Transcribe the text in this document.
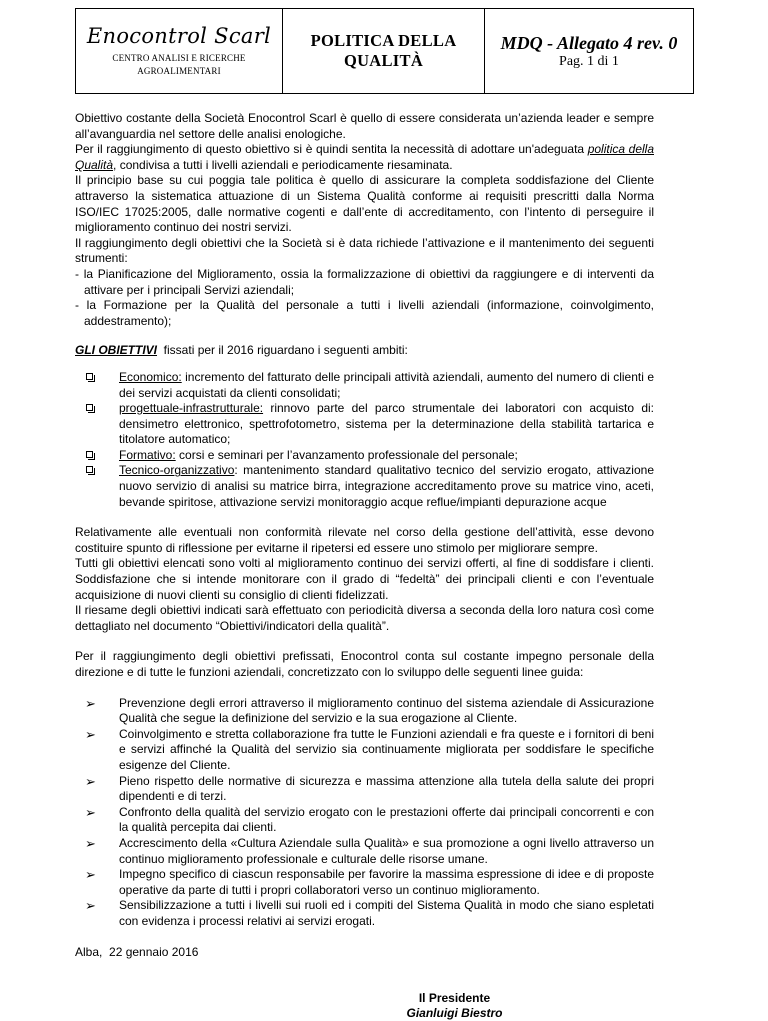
Enocontrol Scarl
CENTRO ANALISI E RICERCHE
AGROALIMENTARI
POLITICA DELLA
QUALITÀ
MDQ - Allegato 4 rev. 0
Pag. 1 di 1

Obiettivo costante della Società Enocontrol Scarl è quello di essere considerata un’azienda leader e sempre all’avanguardia nel settore delle analisi enologiche.

Per il raggiungimento di questo obiettivo si è quindi sentita la necessità di adottare un'adeguata politica della Qualità, condivisa a tutti i livelli aziendali e periodicamente riesaminata.

Il principio base su cui poggia tale politica è quello di assicurare la completa soddisfazione del Cliente attraverso la sistematica attuazione di un Sistema Qualità conforme ai requisiti prescritti dalla Norma ISO/IEC 17025:2005, dalle normative cogenti e dall’ente di accreditamento, con l’intento di perseguire il miglioramento continuo dei nostri servizi.

Il raggiungimento degli obiettivi che la Società si è data richiede l’attivazione e il mantenimento dei seguenti strumenti:

- la Pianificazione del Miglioramento, ossia la formalizzazione di obiettivi da raggiungere e di interventi da attivare per i principali Servizi aziendali;

- la Formazione per la Qualità del personale a tutti i livelli aziendali (informazione, coinvolgimento, addestramento);

GLI OBIETTIVI  fissati per il 2016 riguardano i seguenti ambiti:

Economico: incremento del fatturato delle principali attività aziendali, aumento del numero di clienti e dei servizi acquistati da clienti consolidati;
progettuale-infrastrutturale: rinnovo parte del parco strumentale dei laboratori con acquisto di: densimetro elettronico, spettrofotometro, sistema per la determinazione della stabilità tartarica e titolatore automatico;
Formativo: corsi e seminari per l’avanzamento professionale del personale;
Tecnico-organizzativo: mantenimento standard qualitativo tecnico del servizio erogato, attivazione nuovo servizio di analisi su matrice birra, integrazione accreditamento prove su matrice vino, aceti, bevande spiritose, attivazione servizi monitoraggio acque reflue/impianti depurazione acque

Relativamente alle eventuali non conformità rilevate nel corso della gestione dell’attività, esse devono costituire spunto di riflessione per evitarne il ripetersi ed essere uno stimolo per migliorare sempre.

Tutti gli obiettivi elencati sono volti al miglioramento continuo dei servizi offerti, al fine di soddisfare i clienti. Soddisfazione che si intende monitorare con il grado di “fedeltà” dei principali clienti e con l’eventuale acquisizione di nuovi clienti su consiglio di clienti fidelizzati.

Il riesame degli obiettivi indicati sarà effettuato con periodicità diversa a seconda della loro natura così come dettagliato nel documento “Obiettivi/indicatori della qualità”.

Per il raggiungimento degli obiettivi prefissati, Enocontrol conta sul costante impegno personale della direzione e di tutte le funzioni aziendali, concretizzato con lo sviluppo delle seguenti linee guida:

➢ Prevenzione degli errori attraverso il miglioramento continuo del sistema aziendale di Assicurazione Qualità che segue la definizione del servizio e la sua erogazione al Cliente.
➢ Coinvolgimento e stretta collaborazione fra tutte le Funzioni aziendali e fra queste e i fornitori di beni e servizi affinché la Qualità del servizio sia continuamente migliorata per soddisfare le specifiche esigenze del Cliente.
➢ Pieno rispetto delle normative di sicurezza e massima attenzione alla tutela della salute dei propri dipendenti e di terzi.
➢ Confronto della qualità del servizio erogato con le prestazioni offerte dai principali concorrenti e con la qualità percepita dai clienti.
➢ Accrescimento della «Cultura Aziendale sulla Qualità» e sua promozione a ogni livello attraverso un continuo miglioramento professionale e culturale delle risorse umane.
➢ Impegno specifico di ciascun responsabile per favorire la massima espressione di idee e di proposte operative da parte di tutti i propri collaboratori verso un continuo miglioramento.
➢ Sensibilizzazione a tutti i livelli sui ruoli ed i compiti del Sistema Qualità in modo che siano espletati con evidenza i processi relativi ai servizi erogati.

Alba,  22 gennaio 2016

Il Presidente
Gianluigi Biestro
